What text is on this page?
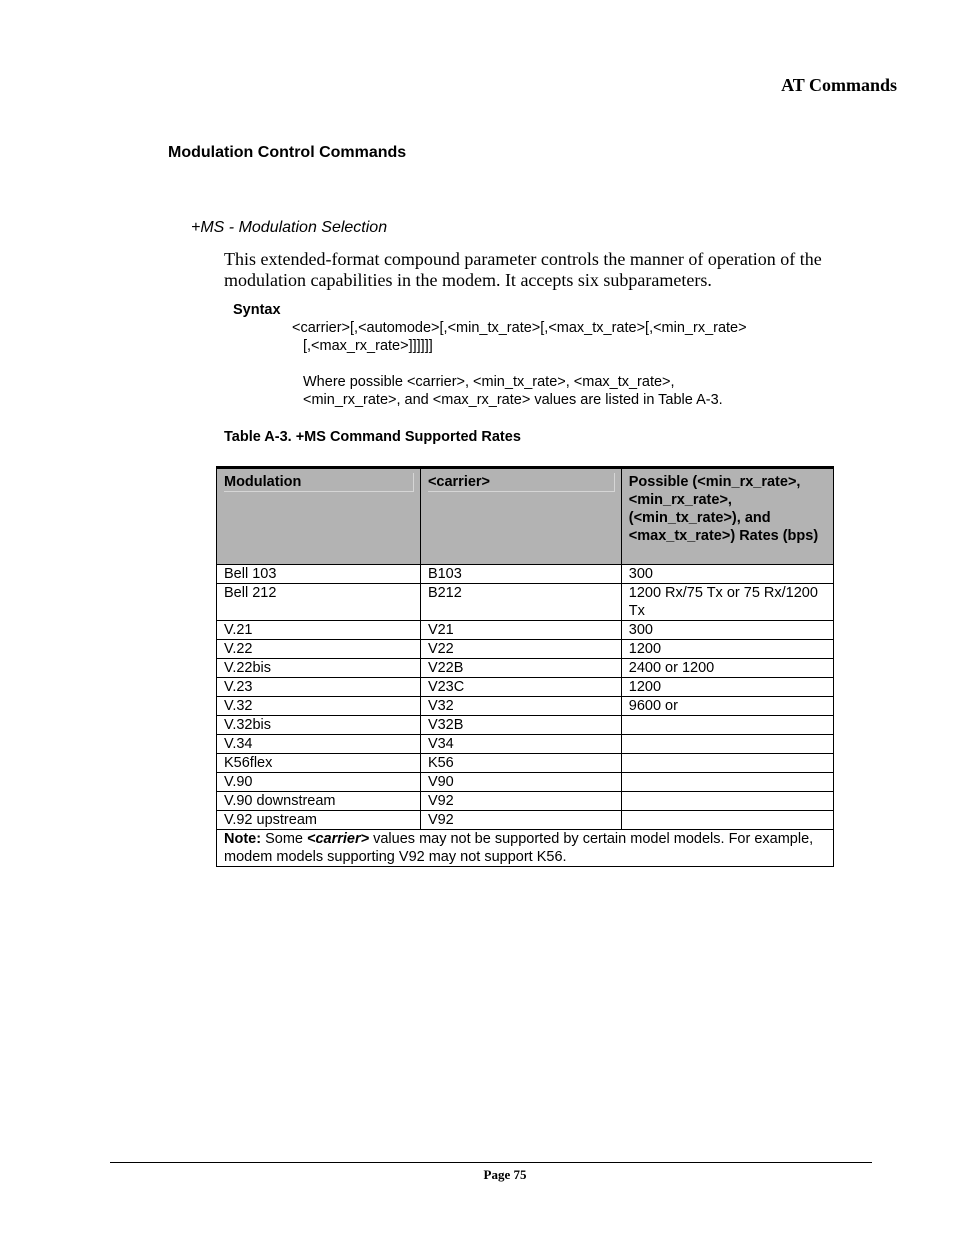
AT Commands
Modulation Control Commands
+MS - Modulation Selection
This extended-format compound parameter controls the manner of operation of the modulation capabilities in the modem. It accepts six subparameters.
Syntax
<carrier>[,<automode>[,<min_tx_rate>[,<max_tx_rate>[,<min_rx_rate>
[,<max_rx_rate>]]]]]]
Where possible <carrier>, <min_tx_rate>, <max_tx_rate>,
<min_rx_rate>, and <max_rx_rate> values are listed in Table A-3.
Table A-3. +MS Command Supported Rates
Modulation	<carrier>	Possible (<min_rx_rate>, <min_rx_rate>, (<min_tx_rate>), and <max_tx_rate>) Rates (bps)

Bell 103	B103	300
Bell 212	B212	1200 Rx/75 Tx or 75 Rx/1200 Tx
V.21	V21	300
V.22	V22	1200
V.22bis	V22B	2400 or 1200
V.23	V23C	1200
V.32	V32	9600 or
V.32bis	V32B	
V.34	V34	
K56flex	K56	
V.90	V90	
V.90 downstream	V92	
V.92 upstream	V92	
Note: Some <carrier> values may not be supported by certain model models. For example, modem models supporting V92 may not support K56.		
Page 75
